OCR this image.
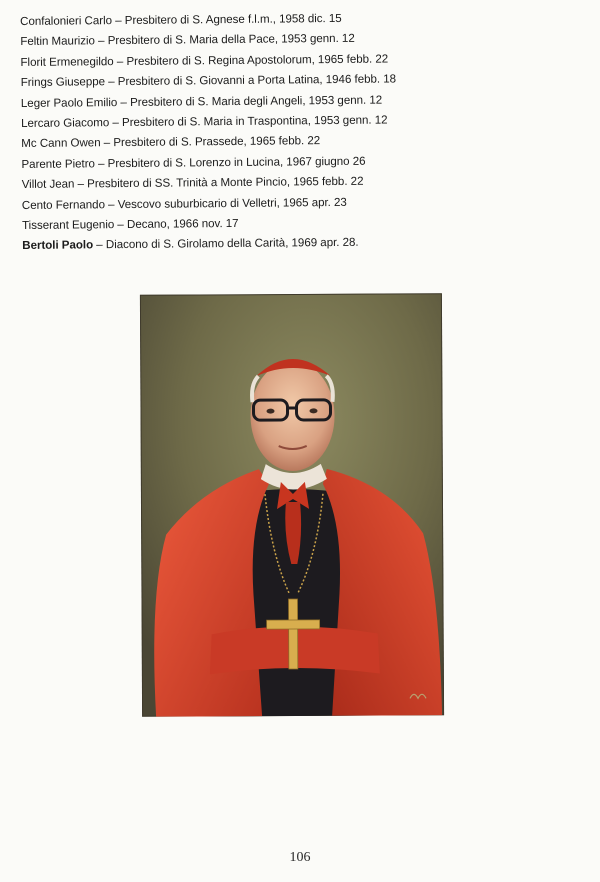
Confalonieri Carlo – Presbitero di S. Agnese f.l.m., 1958 dic. 15
Feltin Maurizio – Presbitero di S. Maria della Pace, 1953 genn. 12
Florit Ermenegildo – Presbitero di S. Regina Apostolorum, 1965 febb. 22
Frings Giuseppe – Presbitero di S. Giovanni a Porta Latina, 1946 febb. 18
Leger Paolo Emilio – Presbitero di S. Maria degli Angeli, 1953 genn. 12
Lercaro Giacomo – Presbitero di S. Maria in Traspontina, 1953 genn. 12
Mc Cann Owen – Presbitero di S. Prassede, 1965 febb. 22
Parente Pietro – Presbitero di S. Lorenzo in Lucina, 1967 giugno 26
Villot Jean – Presbitero di SS. Trinità a Monte Pincio, 1965 febb. 22
Cento Fernando – Vescovo suburbicario di Velletri, 1965 apr. 23
Tisserant Eugenio – Decano, 1966 nov. 17
Bertoli Paolo – Diacono di S. Girolamo della Carità, 1969 apr. 28.
106
